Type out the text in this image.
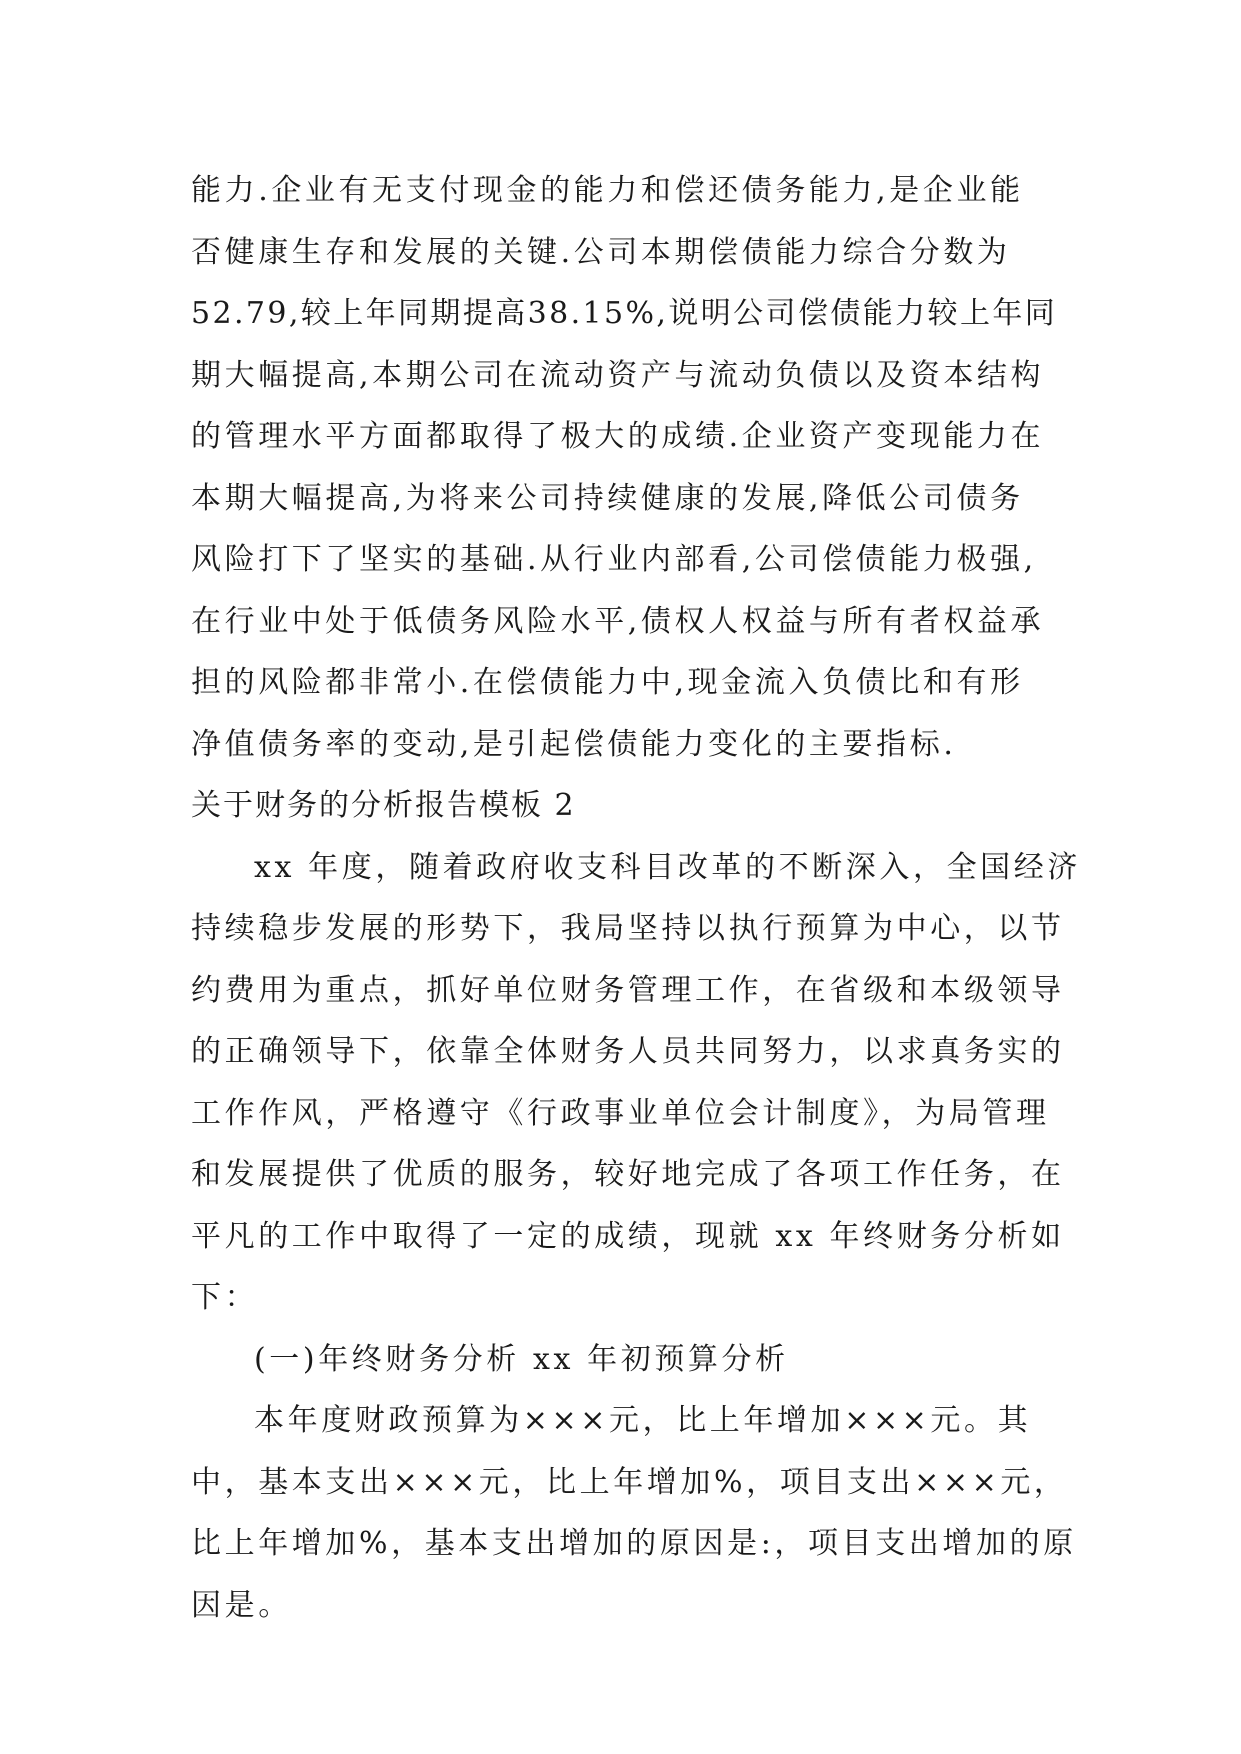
能力.企业有无支付现金的能力和偿还债务能力,是企业能
否健康生存和发展的关键.公司本期偿债能力综合分数为
52.79,较上年同期提高38.15%,说明公司偿债能力较上年同
期大幅提高,本期公司在流动资产与流动负债以及资本结构
的管理水平方面都取得了极大的成绩.企业资产变现能力在
本期大幅提高,为将来公司持续健康的发展,降低公司债务
风险打下了坚实的基础.从行业内部看,公司偿债能力极强,
在行业中处于低债务风险水平,债权人权益与所有者权益承
担的风险都非常小.在偿债能力中,现金流入负债比和有形
净值债务率的变动,是引起偿债能力变化的主要指标.
关于财务的分析报告模板 2
xx 年度，随着政府收支科目改革的不断深入，全国经济
持续稳步发展的形势下，我局坚持以执行预算为中心，以节
约费用为重点，抓好单位财务管理工作，在省级和本级领导
的正确领导下，依靠全体财务人员共同努力，以求真务实的
工作作风，严格遵守《行政事业单位会计制度》，为局管理
和发展提供了优质的服务，较好地完成了各项工作任务，在
平凡的工作中取得了一定的成绩，现就 xx 年终财务分析如
下：
(一)年终财务分析 xx 年初预算分析
本年度财政预算为×××元，比上年增加×××元。其
中，基本支出×××元，比上年增加%，项目支出×××元，
比上年增加%，基本支出增加的原因是:，项目支出增加的原
因是。
